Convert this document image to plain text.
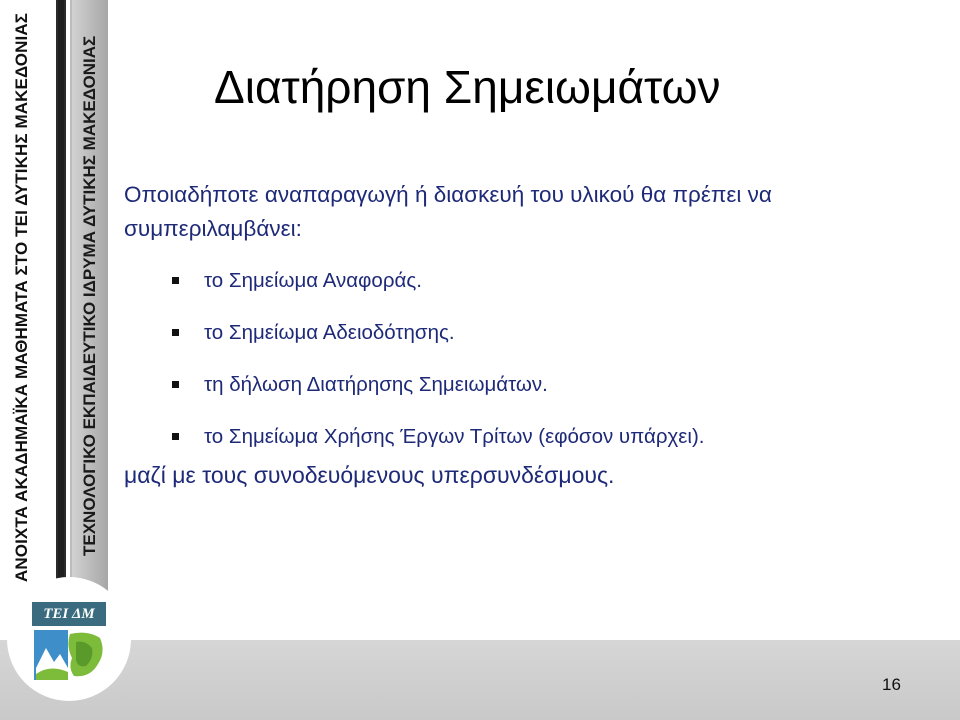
ΑΝΟΙΧΤΑ ΑΚΑΔΗΜΑΪΚΑ ΜΑΘΗΜΑΤΑ ΣΤΟ ΤΕΙ ΔΥΤΙΚΗΣ ΜΑΚΕΔΟΝΙΑΣ	ΤΕΧΝΟΛΟΓΙΚΟ ΕΚΠΑΙΔΕΥΤΙΚΟ ΙΔΡΥΜΑ ΔΥΤΙΚΗΣ ΜΑΚΕΔΟΝΙΑΣ
TEI ΔΜ
Διατήρηση Σημειωμάτων
Οποιαδήποτε αναπαραγωγή ή διασκευή του υλικού θα πρέπει να συμπεριλαμβάνει:
το Σημείωμα Αναφοράς.
το Σημείωμα Αδειοδότησης.
τη δήλωση Διατήρησης Σημειωμάτων.
το Σημείωμα Χρήσης Έργων Τρίτων (εφόσον υπάρχει).
μαζί με τους συνοδευόμενους υπερσυνδέσμους.
16
